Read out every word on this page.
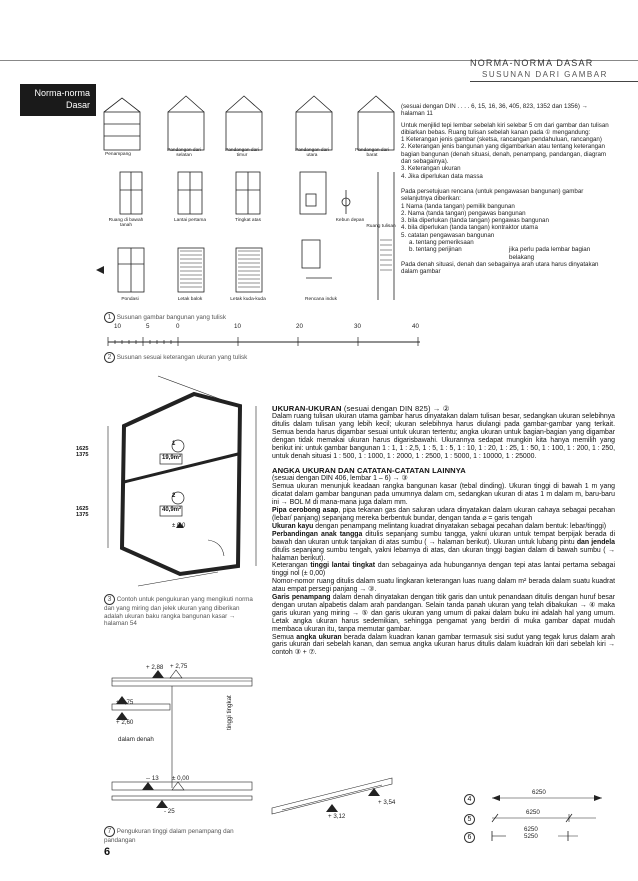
NORMA-NORMA DASAR
SUSUNAN DARI GAMBAR
Norma-norma
Dasar
Penampang
Pandangan dari selatan
Pandangan dari timur
Pandangan dari utara
Pandangan dari barat
Ruang di bawah tanah
Lantai pertama	Tingkat atas	Kebun depan
Ruang tulisan
Pondasi	Letak balok	Letak kuda-kuda	Rencana induk
1 Susunan gambar bangunan yang tulisk
10	5	0	10	20	30	40
2 Susunan sesuai keterangan ukuran yang tulisk

(sesuai dengan DIN . . . . 6, 15, 16, 36, 405, 823, 1352 dan 1356) → halaman 11

Untuk menjilid tepi lembar sebelah kiri selebar 5 cm dari gambar dan tulisan dibiarkan bebas. Ruang tulisan sebelah kanan pada ① mengandung:

1 Keterangan jenis gambar (sketsa, rancangan pendahuluan, rancangan)
2. Keterangan jenis bangunan yang digambarkan atau tentang keterangan bagian bangunan (denah situasi, denah, penampang, pandangan, diagram dan sebagainya).
3. Keterangan ukuran
4. Jika diperlukan data massa

Pada persetujuan rencana (untuk pengawasan bangunan) gambar selanjutnya diberikan:

1 Nama (tanda tangan) pemilik bangunan
2. Nama (tanda tangan) pengawas bangunan
3. bila diperlukan (tanda tangan) pengawas bangunan
4. bila diperlukan (tanda tangan) kontraktor utama
5. catatan pengawasan bangunan
a. tentang pemeriksaan
b. tentang perijinan	jika perlu pada lembar bagian belakang

Pada denah situasi, denah dan sebagainya arah utara harus dinyatakan dalam gambar

1
2
19,9m²
40,9m²
± 0,0
1625
1375
1625
1375
3 Contoh untuk pengukuran yang mengikuti norma dan yang miring dan jelek ukuran yang diberikan adalah ukuran baku rangka bangunan kasar → halaman 54
+ 2,88 + 2,75
+ 2,75
+ 2,60
dalam denah
tinggi tingkat
-- 13 ± 0,00
- 25
7 Pengukuran tinggi dalam penampang dan pandangan
UKURAN-UKURAN (sesuai dengan DIN 825) → ②

Dalam ruang tulisan ukuran utama gambar harus dinyatakan dalam tulisan besar, sedangkan ukuran selebihnya ditulis dalam tulisan yang lebih kecil; ukuran selebihnya harus diulangi pada gambar-gambar yang terkait. Semua benda harus digambar sesuai untuk ukuran tertentu; angka ukuran untuk bagian-bagian yang digambar dengan tidak memakai ukuran harus digarisbawahi. Ukurannya sedapat mungkin kita hanya memilih yang berikut ini: untuk gambar bangunan 1 : 1, 1 : 2,5, 1 : 5, 1 : 5, 1 : 10, 1 : 20, 1 : 25, 1 : 50, 1 : 100, 1 : 200, 1 : 250, untuk denah situasi 1 : 500, 1 : 1000, 1 : 2000, 1 : 2500, 1 : 5000, 1 : 10000, 1 : 25000.

ANGKA UKURAN DAN CATATAN-CATATAN LAINNYA

(sesuai dengan DIN 406, lembar 1 – 6) → ③

Semua ukuran menunjuk keadaan rangka bangunan kasar (tebal dinding). Ukuran tinggi di bawah 1 m yang dicatat dalam gambar bangunan pada umumnya dalam cm, sedangkan ukuran di atas 1 m dalam m, baru-baru ini → BOL M di mana-mana juga dalam mm.

Pipa cerobong asap, pipa tekanan gas dan saluran udara dinyatakan dalam ukuran cahaya sebagai pecahan (lebar/ panjang) sepanjang mereka berbentuk bundar, dengan tanda ⌀ = garis tengah

Ukuran kayu dengan penampang melintang kuadrat dinyatakan sebagai pecahan dalam bentuk: lebar/tinggi)

Perbandingan anak tangga ditulis sepanjang sumbu tangga, yakni ukuran untuk tempat berpijak berada di bawah dan ukuran untuk tanjakan di atas sumbu ( → halaman berikut). Ukuran untuk lubang pintu dan jendela ditulis sepanjang sumbu tengah, yakni lebarnya di atas, dan ukuran tinggi bagian dalam di bawah sumbu ( → halaman berikut).

Keterangan tinggi lantai tingkat dan sebagainya ada hubungannya dengan tepi atas lantai pertama sebagai tinggi nol (± 0,00)

Nomor-nomor ruang ditulis dalam suatu lingkaran keterangan luas ruang dalam m² berada dalam suatu kuadrat atau empat persegi panjang → ③.

Garis penampang dalam denah dinyatakan dengan titik garis dan untuk penandaan ditulis dengan huruf besar dengan urutan alpabetis dalam arah pandangan. Selain tanda panah ukuran yang telah dibakukan → ④ maka garis ukuran yang miring → ⑤ dan garis ukuran yang umum di pakai dalam buku ini adalah hal yang umum. Letak angka ukuran harus sedemikian, sehingga pengamat yang berdiri di muka gambar dapat mudah membaca ukuran itu, tanpa memutar gambar.

Semua angka ukuran berada dalam kuadran kanan gambar termasuk sisi sudut yang tegak lurus dalam arah garis ukuran dari sebelah kanan, dan semua angka ukuran harus ditulis dalam kuadran kiri dari sebelah kiri → contoh ③ + ⑦.

+ 3,54
+ 3,12
4
6250
5
6250
6
6250
5250
6
